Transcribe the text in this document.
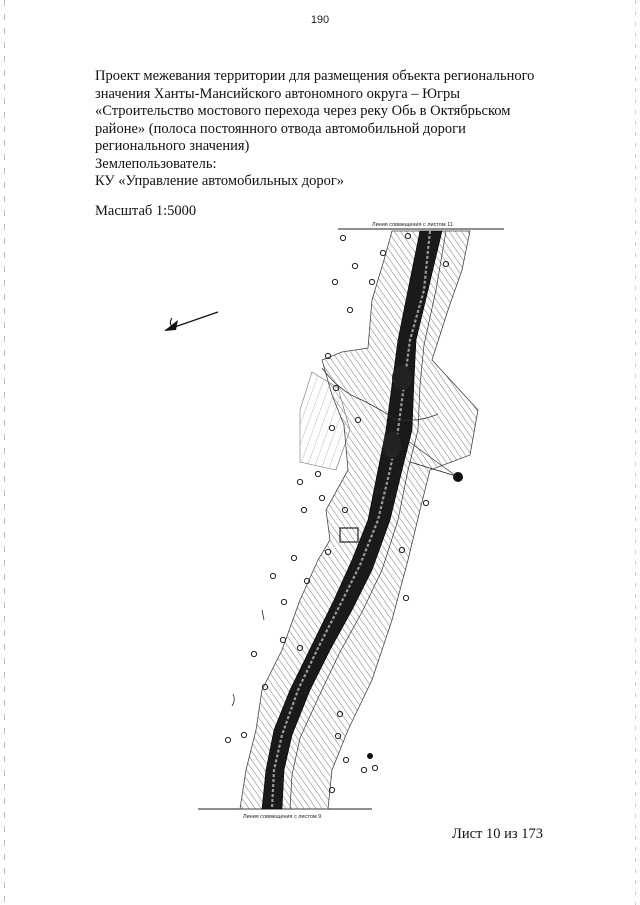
190
Проект межевания территории для размещения объекта регионального
значения Ханты-Мансийского автономного округа – Югры
«Строительство мостового перехода через реку Обь в Октябрьском
районе» (полоса постоянного отвода автомобильной дороги
регионального значения)
Землепользователь:
КУ «Управление автомобильных дорог»
Масштаб 1:5000
Линия совмещения с листом 11
Линия совмещения с листом 9
Лист 10 из 173
